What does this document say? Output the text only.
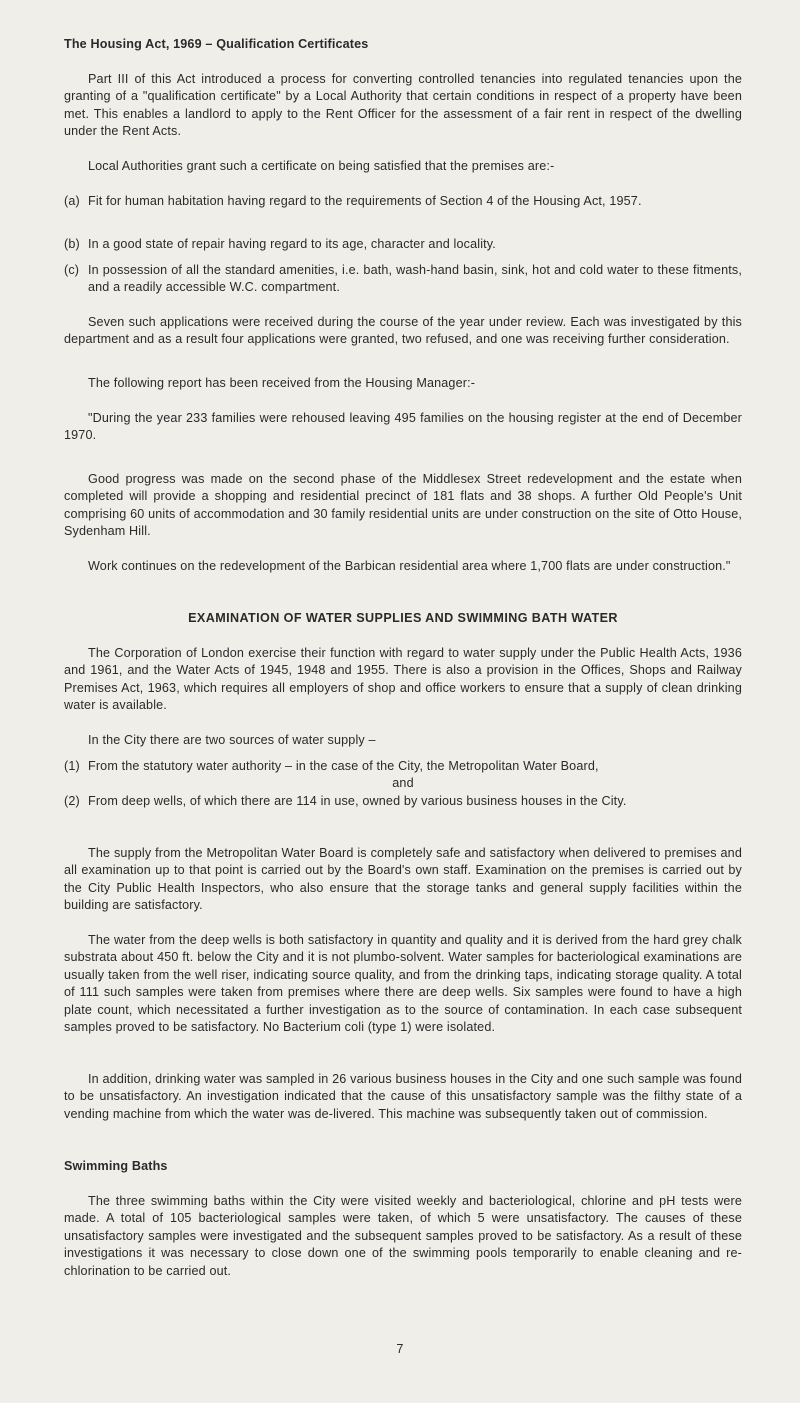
The Housing Act, 1969 – Qualification Certificates

Part III of this Act introduced a process for converting controlled tenancies into regulated tenancies upon the granting of a "qualification certificate" by a Local Authority that certain conditions in respect of a property have been met. This enables a landlord to apply to the Rent Officer for the assessment of a fair rent in respect of the dwelling under the Rent Acts.

Local Authorities grant such a certificate on being satisfied that the premises are:-

(a) Fit for human habitation having regard to the requirements of Section 4 of the Housing Act, 1957.
(b) In a good state of repair having regard to its age, character and locality.
(c) In possession of all the standard amenities, i.e. bath, wash-hand basin, sink, hot and cold water to these fitments, and a readily accessible W.C. compartment.

Seven such applications were received during the course of the year under review. Each was investigated by this department and as a result four applications were granted, two refused, and one was receiving further consideration.

The following report has been received from the Housing Manager:-

"During the year 233 families were rehoused leaving 495 families on the housing register at the end of December 1970.

Good progress was made on the second phase of the Middlesex Street redevelopment and the estate when completed will provide a shopping and residential precinct of 181 flats and 38 shops. A further Old People's Unit comprising 60 units of accommodation and 30 family residential units are under construction on the site of Otto House, Sydenham Hill.

Work continues on the redevelopment of the Barbican residential area where 1,700 flats are under construction."

EXAMINATION OF WATER SUPPLIES AND SWIMMING BATH WATER

The Corporation of London exercise their function with regard to water supply under the Public Health Acts, 1936 and 1961, and the Water Acts of 1945, 1948 and 1955. There is also a provision in the Offices, Shops and Railway Premises Act, 1963, which requires all employers of shop and office workers to ensure that a supply of clean drinking water is available.

In the City there are two sources of water supply –

(1) From the statutory water authority – in the case of the City, the Metropolitan Water Board,
and
(2) From deep wells, of which there are 114 in use, owned by various business houses in the City.

The supply from the Metropolitan Water Board is completely safe and satisfactory when delivered to premises and all examination up to that point is carried out by the Board's own staff. Examination on the premises is carried out by the City Public Health Inspectors, who also ensure that the storage tanks and general supply facilities within the building are satisfactory.

The water from the deep wells is both satisfactory in quantity and quality and it is derived from the hard grey chalk substrata about 450 ft. below the City and it is not plumbo-solvent. Water samples for bacteriological examinations are usually taken from the well riser, indicating source quality, and from the drinking taps, indicating storage quality. A total of 111 such samples were taken from premises where there are deep wells. Six samples were found to have a high plate count, which necessitated a further investigation as to the source of contamination. In each case subsequent samples proved to be satisfactory. No Bacterium coli (type 1) were isolated.

In addition, drinking water was sampled in 26 various business houses in the City and one such sample was found to be unsatisfactory. An investigation indicated that the cause of this unsatisfactory sample was the filthy state of a vending machine from which the water was de-livered. This machine was subsequently taken out of commission.

Swimming Baths

The three swimming baths within the City were visited weekly and bacteriological, chlorine and pH tests were made. A total of 105 bacteriological samples were taken, of which 5 were unsatisfactory. The causes of these unsatisfactory samples were investigated and the subsequent samples proved to be satisfactory. As a result of these investigations it was necessary to close down one of the swimming pools temporarily to enable cleaning and re-chlorination to be carried out.

7
